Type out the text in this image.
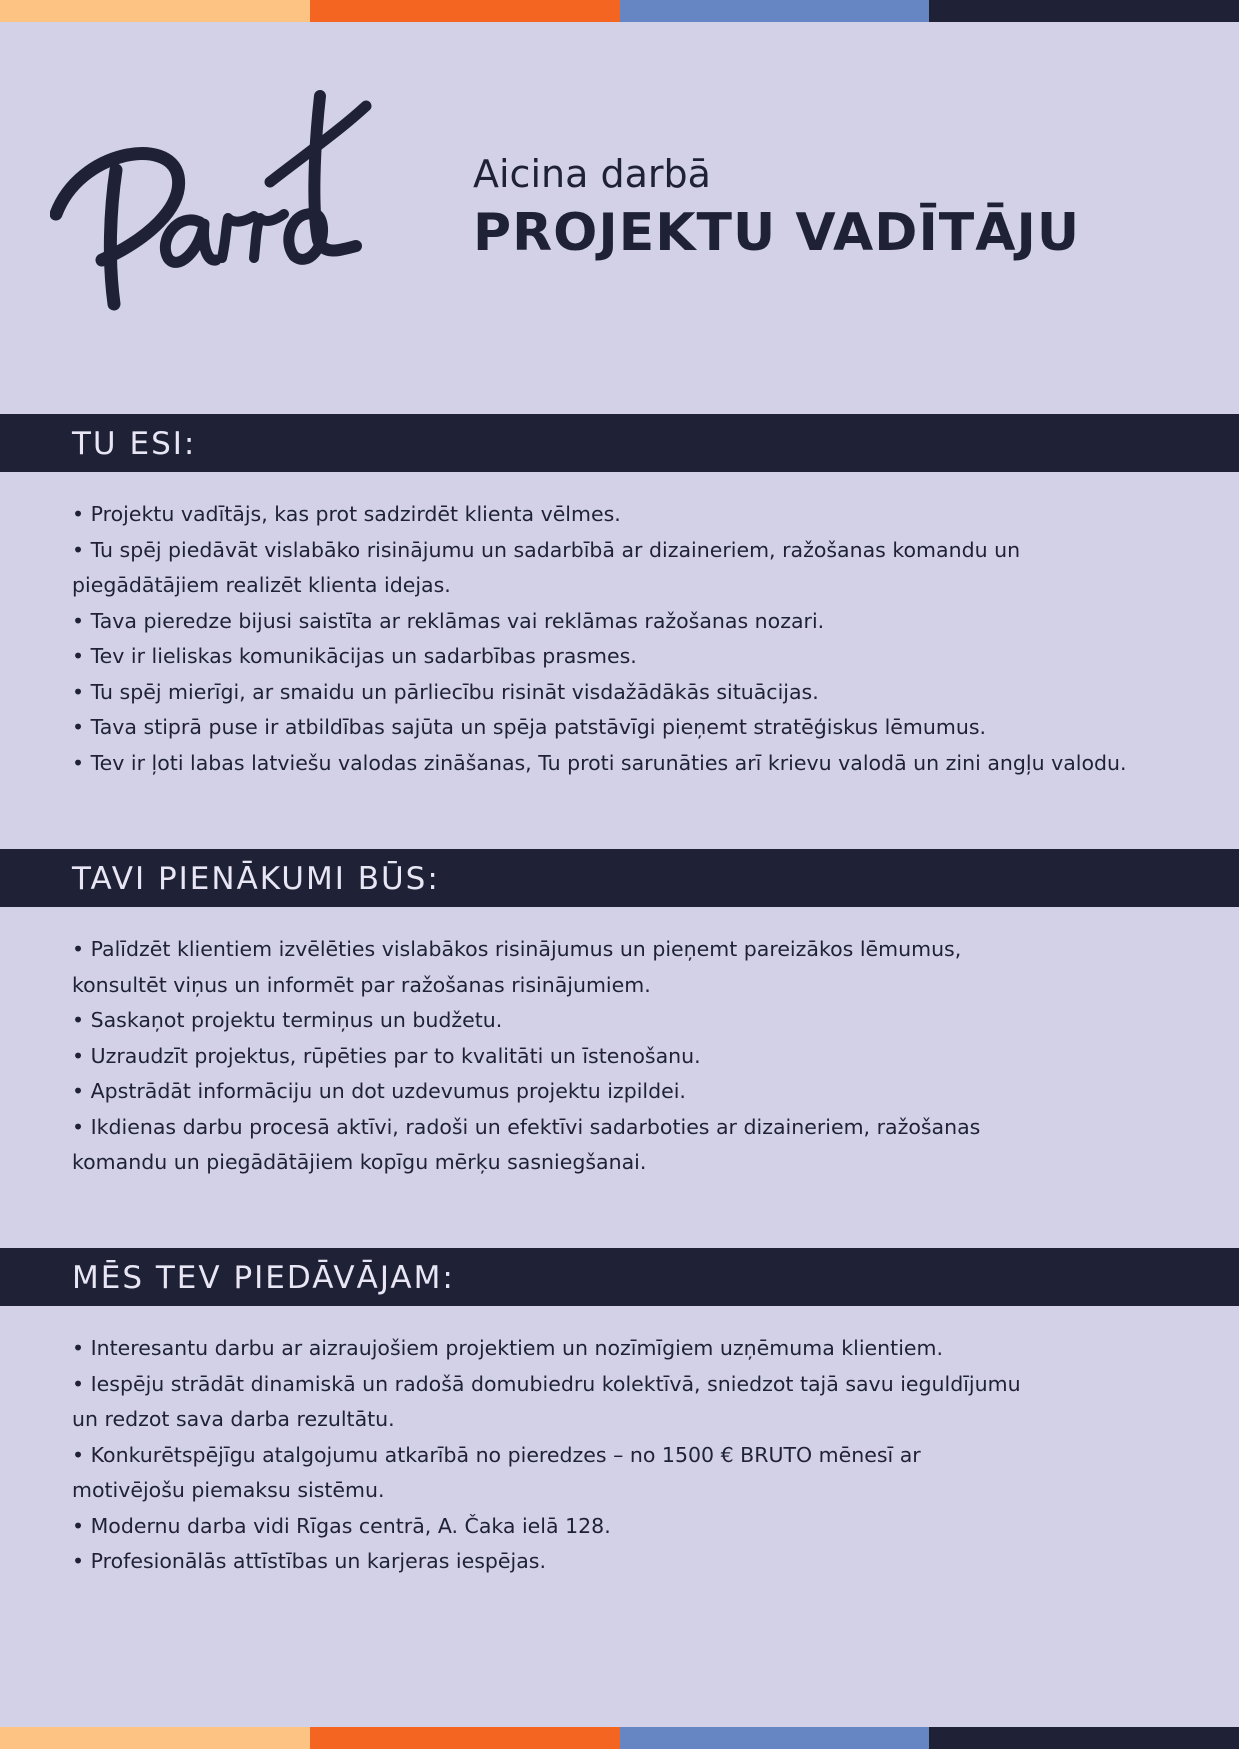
Aicina darbā
PROJEKTU VADĪTĀJU
TU ESI:
• Projektu vadītājs, kas prot sadzirdēt klienta vēlmes.
• Tu spēj piedāvāt vislabāko risinājumu un sadarbībā ar dizaineriem, ražošanas komandu un
piegādātājiem realizēt klienta idejas.
• Tava pieredze bijusi saistīta ar reklāmas vai reklāmas ražošanas nozari.
• Tev ir lieliskas komunikācijas un sadarbības prasmes.
• Tu spēj mierīgi, ar smaidu un pārliecību risināt visdažādākās situācijas.
• Tava stiprā puse ir atbildības sajūta un spēja patstāvīgi pieņemt stratēģiskus lēmumus.
• Tev ir ļoti labas latviešu valodas zināšanas, Tu proti sarunāties arī krievu valodā un zini angļu valodu.
TAVI PIENĀKUMI BŪS:
• Palīdzēt klientiem izvēlēties vislabākos risinājumus un pieņemt pareizākos lēmumus,
konsultēt viņus un informēt par ražošanas risinājumiem.
• Saskaņot projektu termiņus un budžetu.
• Uzraudzīt projektus, rūpēties par to kvalitāti un īstenošanu.
• Apstrādāt informāciju un dot uzdevumus projektu izpildei.
• Ikdienas darbu procesā aktīvi, radoši un efektīvi sadarboties ar dizaineriem, ražošanas
komandu un piegādātājiem kopīgu mērķu sasniegšanai.
MĒS TEV PIEDĀVĀJAM:
• Interesantu darbu ar aizraujošiem projektiem un nozīmīgiem uzņēmuma klientiem.
• Iespēju strādāt dinamiskā un radošā domubiedru kolektīvā, sniedzot tajā savu ieguldījumu
un redzot sava darba rezultātu.
• Konkurētspējīgu atalgojumu atkarībā no pieredzes – no 1500 € BRUTO mēnesī ar
motivējošu piemaksu sistēmu.
• Modernu darba vidi Rīgas centrā, A. Čaka ielā 128.
• Profesionālās attīstības un karjeras iespējas.
